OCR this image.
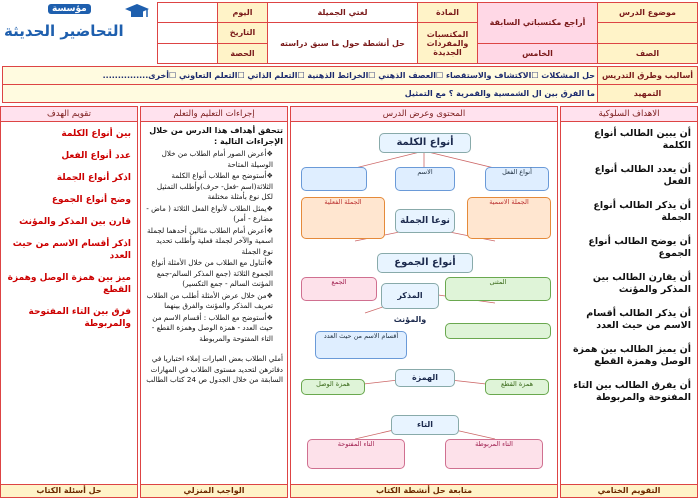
موضوع الدرس	أراجع مكتسباتي السابقة	المادة	لغتي الجميلة	اليوم		
		المكتسبات والمفردات الجديدة	حل أنشطة حول ما سبق دراسته	التاريخ		
الصف	الخامس			الحصة		
مؤسسة
التحاضير الحديثة
أساليب وطرق التدريس	حل المشكلات ☐الاكتشاف والاستقصاء ☐العصف الذهني ☐الخرائط الذهنية ☐التعلم الذاتي ☐التعلم التعاوني ☐أخرى...............
التمهيد	ما الفرق بين ال الشمسية والقمرية ؟ مع التمثيل
الاهداف السلوكية
أن يبين الطالب أنواع الكلمة
أن يعدد الطالب أنواع الفعل
أن يذكر الطالب أنواع الجملة
أن يوضح الطالب أنواع الجموع
أن يقارن الطالب بين المذكر والمؤنث
أن يذكر الطالب أقسام الاسم من حيث العدد
أن يميز الطالب بين همزة الوصل وهمزة القطع
أن يفرق الطالب بين التاء المفتوحة والمربوطة
المحتوى وعرض الدرس
أنواع الكلمة
أنواع الفعل
الاسم
الجملة الاسمية
نوعا الجملة
الجملة الفعلية
أنواع الجموع
المثنى
المذكر والمؤنث
الجمع
أقسام الاسم من حيث العدد
الهمزة
همزة القطع
همزة الوصل
التاء
التاء المربوطة
التاء المفتوحة
إجراءات التعليم والتعلم
تتحقق أهداف هذا الدرس من خلال الإجراءات التالية :
❖ أعرض الصور أمام الطلاب من خلال الوسيلة المتاحة
❖ أستوضح مع الطلاب أنواع الكلمة الثلاثة(اسم -فعل- حرف)وأطلب التمثيل لكل نوع بأمثلة مختلفة
❖ يمثل الطلاب لأنواع الفعل الثلاثة ( ماض - مضارع - أمر)
❖ أعرض أمام الطلاب مثالين أحدهما لجملة اسمية والآخر لجملة فعلية وأطلب تحديد نوع الجملة
❖ أتناول مع الطلاب من خلال الأمثلة أنواع الجموع الثلاثة (جمع المذكر السالم-جمع المؤنث السالم - جمع التكسير)
❖ من خلال عرض الأمثلة أطلب من الطلاب تعريف المذكر والمؤنث والفرق بينهما
❖ أستوضح مع الطلاب : أقسام الاسم من حيث العدد - همزة الوصل وهمزة القطع - التاء المفتوحة والمربوطة
أملي الطلاب بعض العبارات إملاء اختباريا في دفاترهن لتحديد مستوى الطلاب في المهارات السابقة من خلال الجدول ص 24 كتاب الطالب
تقويم الهدف
بين أنواع الكلمة
عدد أنواع الفعل
اذكر أنواع الجملة
وضح أنواع الجموع
قارن بين المذكر والمؤنث
اذكر أقسام الاسم من حيث العدد
ميز بين همزة الوصل وهمزة القطع
فرق بين التاء المفتوحة والمربوطة
التقويم الختامي
متابعة حل أنشطة الكتاب
الواجب المنزلي
حل أسئلة الكتاب
